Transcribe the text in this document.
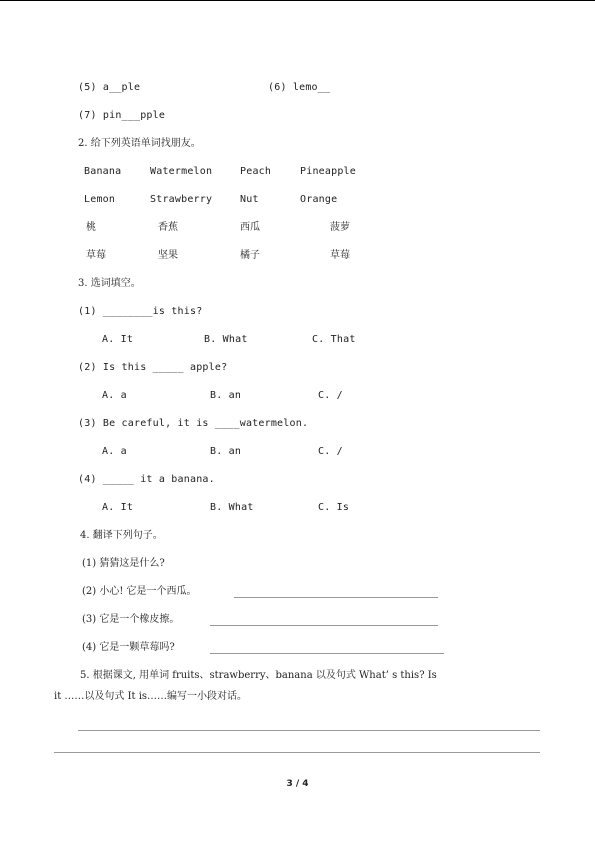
(5) a__ple	(6) lemo__
(7) pin___pple
2. 给下列英语单词找朋友。
Banana	Watermelon	Peach	Pineapple
Lemon	Strawberry	Nut	Orange
桃	香蕉	西瓜	菠萝
草莓	坚果	橘子	草莓
3. 选词填空。
(1) ________is this?
A. It	B. What	C. That
(2) Is this _____ apple?
A. a	B. an	C. /
(3) Be careful, it is ____watermelon.
A. a	B. an	C. /
(4) _____ it a banana.
A. It	B. What	C. Is
4. 翻译下列句子。
(1) 猜猜这是什么?
(2) 小心! 它是一个西瓜。
(3) 它是一个橡皮擦。
(4) 它是一颗草莓吗?
5. 根据课文, 用单词 fruits、strawberry、banana 以及句式 What’ s this? Is
it ……以及句式 It is……编写一小段对话。
3 / 4
